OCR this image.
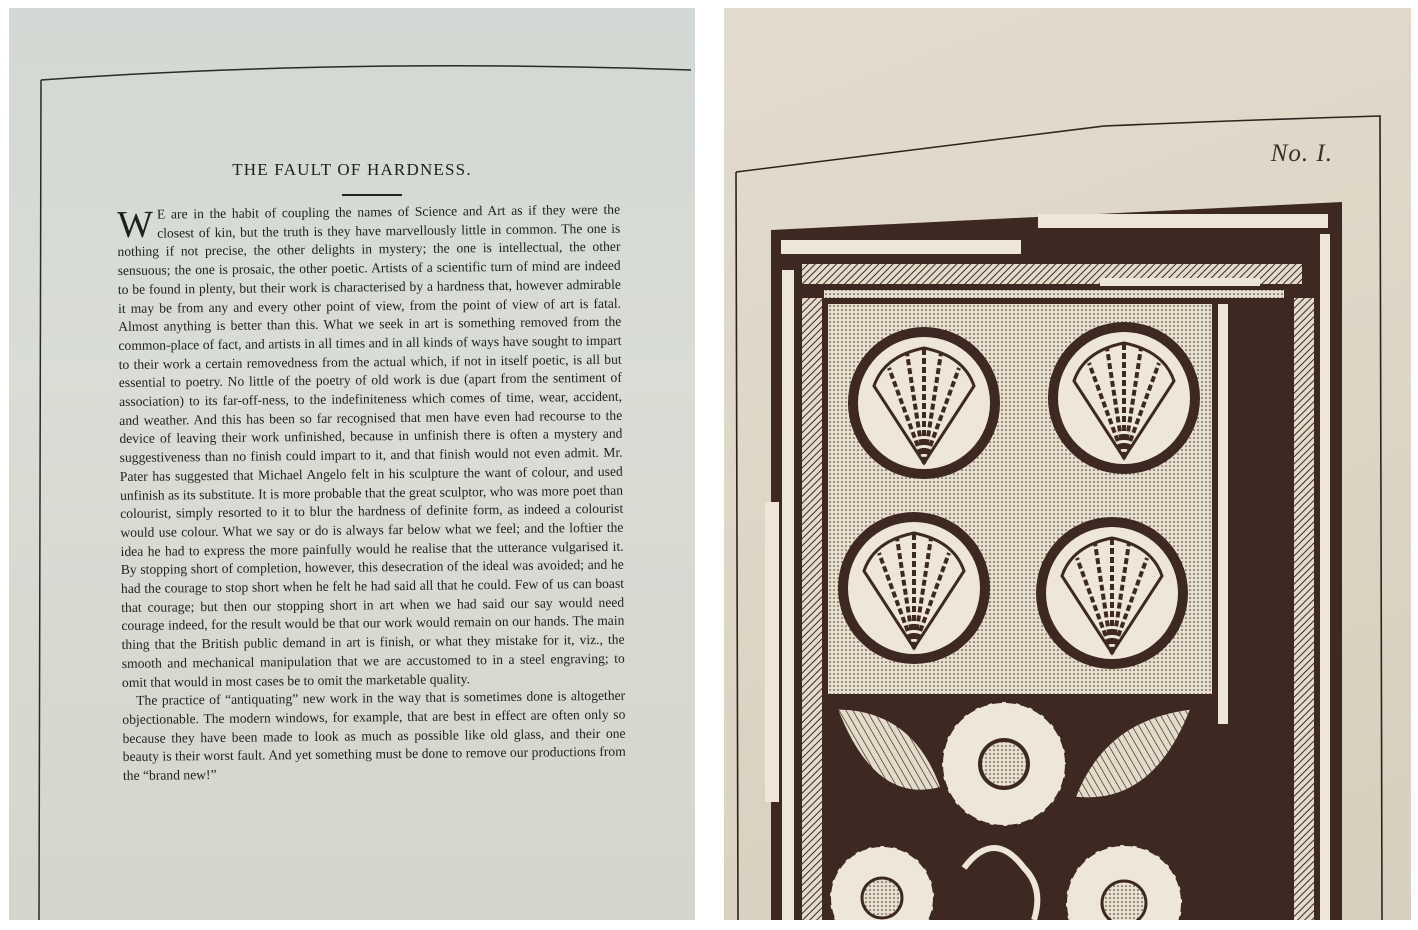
THE FAULT OF HARDNESS.

W E are in the habit of coupling the names of Science and Art as if they were the closest of kin, but the truth is they have marvellously little in common. The one is nothing if not precise, the other delights in mystery; the one is intellectual, the other sensuous; the one is prosaic, the other poetic. Artists of a scientific turn of mind are indeed to be found in plenty, but their work is characterised by a hardness that, however admirable it may be from any and every other point of view, from the point of view of art is fatal. Almost anything is better than this. What we seek in art is something removed from the common-place of fact, and artists in all times and in all kinds of ways have sought to impart to their work a certain removedness from the actual which, if not in itself poetic, is all but essential to poetry. No little of the poetry of old work is due (apart from the sentiment of association) to its far-off-ness, to the indefiniteness which comes of time, wear, accident, and weather. And this has been so far recognised that men have even had recourse to the device of leaving their work unfinished, because in unfinish there is often a mystery and suggestiveness than no finish could impart to it, and that finish would not even admit. Mr. Pater has suggested that Michael Angelo felt in his sculpture the want of colour, and used unfinish as its substitute. It is more probable that the great sculptor, who was more poet than colourist, simply resorted to it to blur the hardness of definite form, as indeed a colourist would use colour. What we say or do is always far below what we feel; and the loftier the idea he had to express the more painfully would he realise that the utterance vulgarised it. By stopping short of completion, however, this desecration of the ideal was avoided; and he had the courage to stop short when he felt he had said all that he could. Few of us can boast that courage; but then our stopping short in art when we had said our say would need courage indeed, for the result would be that our work would remain on our hands. The main thing that the British public demand in art is finish, or what they mistake for it, viz., the smooth and mechanical manipulation that we are accustomed to in a steel engraving; to omit that would in most cases be to omit the marketable quality.

The practice of “antiquating” new work in the way that is sometimes done is altogether objectionable. The modern windows, for example, that are best in effect are often only so because they have been made to look as much as possible like old glass, and their one beauty is their worst fault. And yet something must be done to remove our productions from the “brand new!”

No. I.
